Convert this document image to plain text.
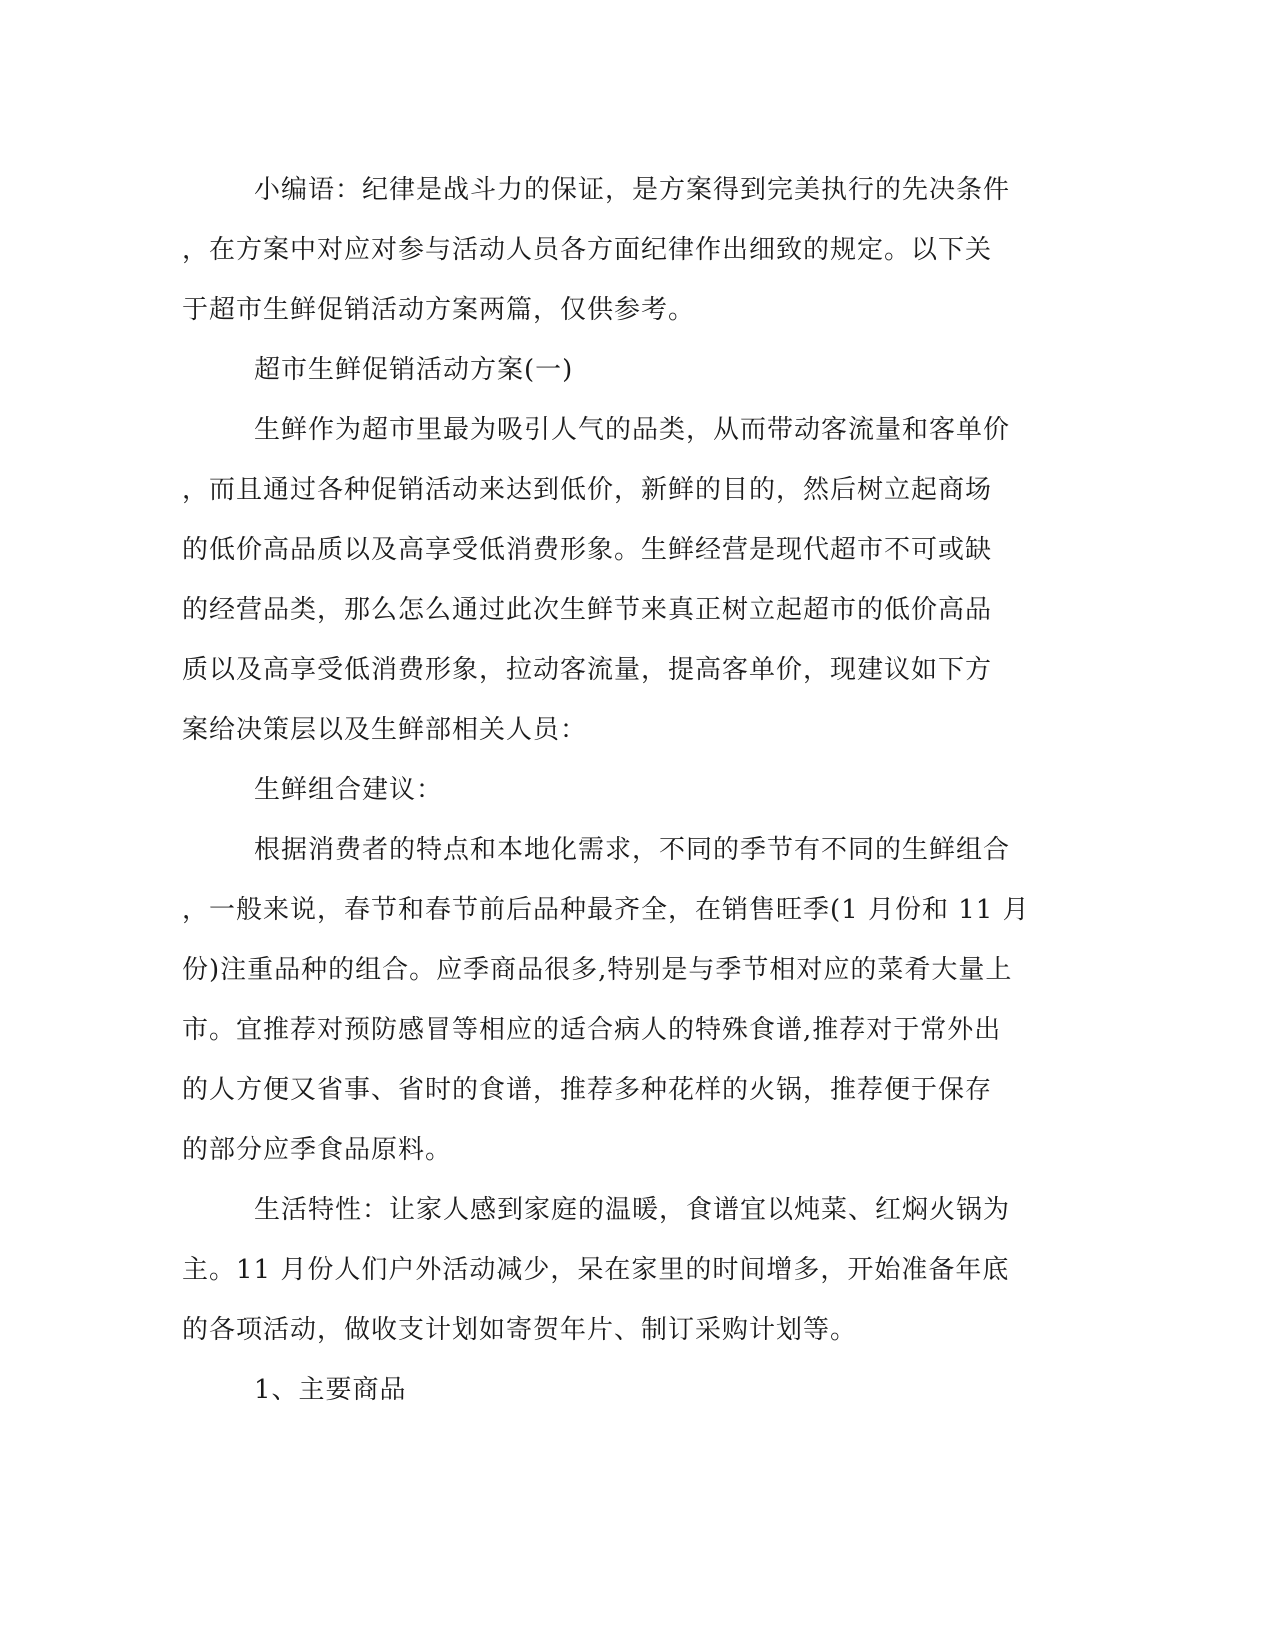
小编语：纪律是战斗力的保证，是方案得到完美执行的先决条件
，在方案中对应对参与活动人员各方面纪律作出细致的规定。以下关
于超市生鲜促销活动方案两篇，仅供参考。
超市生鲜促销活动方案(一)
生鲜作为超市里最为吸引人气的品类，从而带动客流量和客单价
，而且通过各种促销活动来达到低价，新鲜的目的，然后树立起商场
的低价高品质以及高享受低消费形象。生鲜经营是现代超市不可或缺
的经营品类，那么怎么通过此次生鲜节来真正树立起超市的低价高品
质以及高享受低消费形象，拉动客流量，提高客单价，现建议如下方
案给决策层以及生鲜部相关人员：
生鲜组合建议：
根据消费者的特点和本地化需求，不同的季节有不同的生鲜组合
，一般来说，春节和春节前后品种最齐全，在销售旺季(1 月份和 11 月
份)注重品种的组合。应季商品很多,特别是与季节相对应的菜肴大量上
市。宜推荐对预防感冒等相应的适合病人的特殊食谱,推荐对于常外出
的人方便又省事、省时的食谱，推荐多种花样的火锅，推荐便于保存
的部分应季食品原料。
生活特性：让家人感到家庭的温暖，食谱宜以炖菜、红焖火锅为
主。11 月份人们户外活动减少，呆在家里的时间增多，开始准备年底
的各项活动，做收支计划如寄贺年片、制订采购计划等。
1、主要商品
